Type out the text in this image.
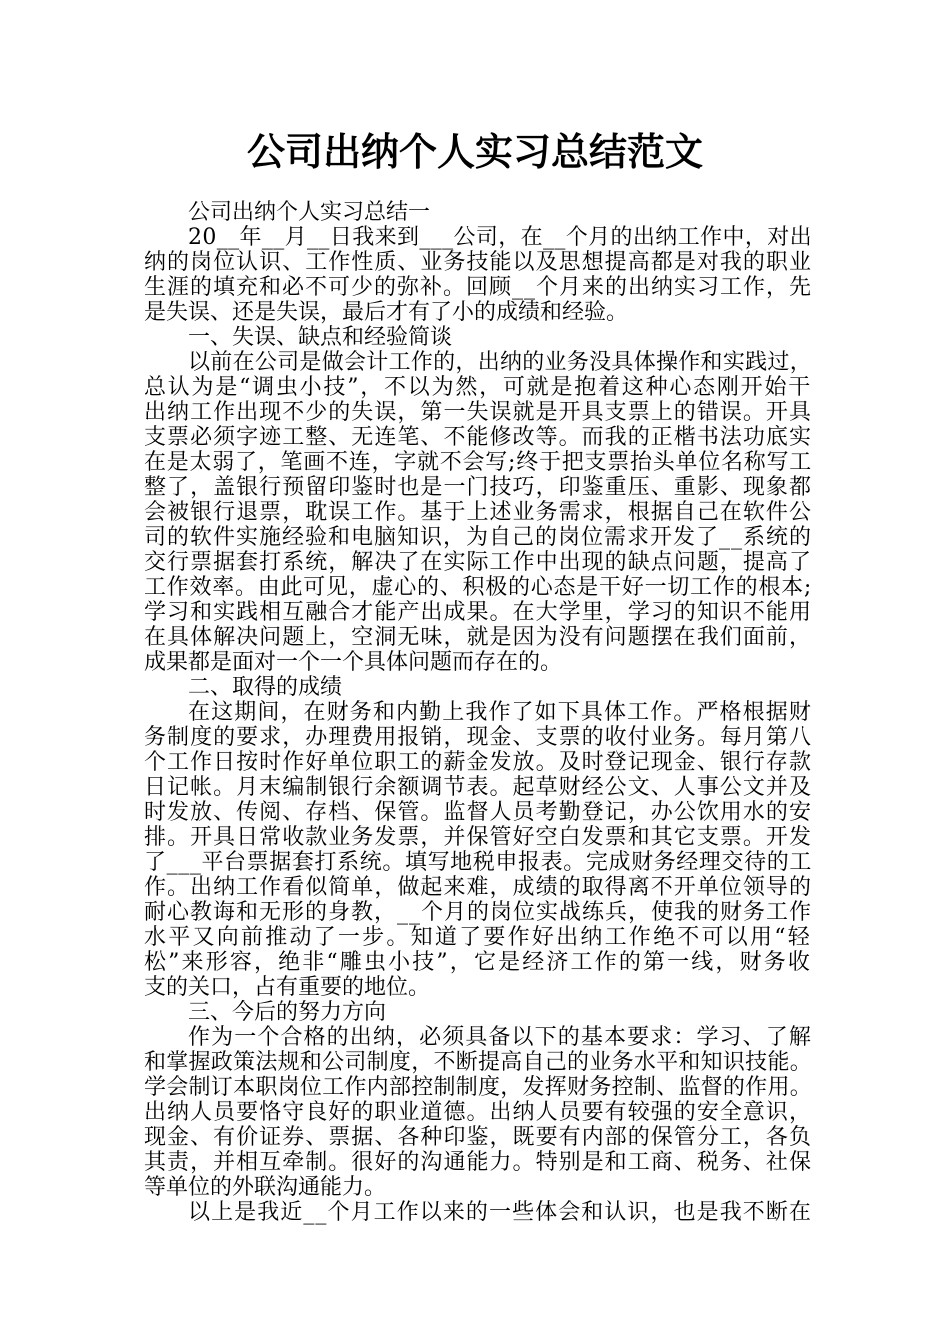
公司出纳个人实习总结范文
公司出纳个人实习总结一
20__年__月__日我来到___公司，在__个月的出纳工作中，对出
纳的岗位认识、工作性质、业务技能以及思想提高都是对我的职业
生涯的填充和必不可少的弥补。回顾__个月来的出纳实习工作，先
是失误、还是失误，最后才有了小的成绩和经验。
一、失误、缺点和经验简谈
以前在公司是做会计工作的，出纳的业务没具体操作和实践过，
总认为是“调虫小技”，不以为然，可就是抱着这种心态刚开始干
出纳工作出现不少的失误，第一失误就是开具支票上的错误。开具
支票必须字迹工整、无连笔、不能修改等。而我的正楷书法功底实
在是太弱了，笔画不连，字就不会写;终于把支票抬头单位名称写工
整了，盖银行预留印鉴时也是一门技巧，印鉴重压、重影、现象都
会被银行退票，耽误工作。基于上述业务需求，根据自己在软件公
司的软件实施经验和电脑知识，为自己的岗位需求开发了__系统的
交行票据套打系统，解决了在实际工作中出现的缺点问题，提高了
工作效率。由此可见，虚心的、积极的心态是干好一切工作的根本;
学习和实践相互融合才能产出成果。在大学里，学习的知识不能用
在具体解决问题上，空洞无味，就是因为没有问题摆在我们面前，
成果都是面对一个一个具体问题而存在的。
二、取得的成绩
在这期间，在财务和内勤上我作了如下具体工作。严格根据财
务制度的要求，办理费用报销，现金、支票的收付业务。每月第八
个工作日按时作好单位职工的薪金发放。及时登记现金、银行存款
日记帐。月末编制银行余额调节表。起草财经公文、人事公文并及
时发放、传阅、存档、保管。监督人员考勤登记，办公饮用水的安
排。开具日常收款业务发票，并保管好空白发票和其它支票。开发
了___平台票据套打系统。填写地税申报表。完成财务经理交待的工
作。出纳工作看似简单，做起来难，成绩的取得离不开单位领导的
耐心教诲和无形的身教，__个月的岗位实战练兵，使我的财务工作
水平又向前推动了一步。知道了要作好出纳工作绝不可以用“轻
松”来形容，绝非“雕虫小技”，它是经济工作的第一线，财务收
支的关口，占有重要的地位。
三、今后的努力方向
作为一个合格的出纳，必须具备以下的基本要求：学习、了解
和掌握政策法规和公司制度，不断提高自己的业务水平和知识技能。
学会制订本职岗位工作内部控制制度，发挥财务控制、监督的作用。
出纳人员要恪守良好的职业道德。出纳人员要有较强的安全意识，
现金、有价证券、票据、各种印鉴，既要有内部的保管分工，各负
其责，并相互牵制。很好的沟通能力。特别是和工商、税务、社保
等单位的外联沟通能力。
以上是我近__个月工作以来的一些体会和认识，也是我不断在
